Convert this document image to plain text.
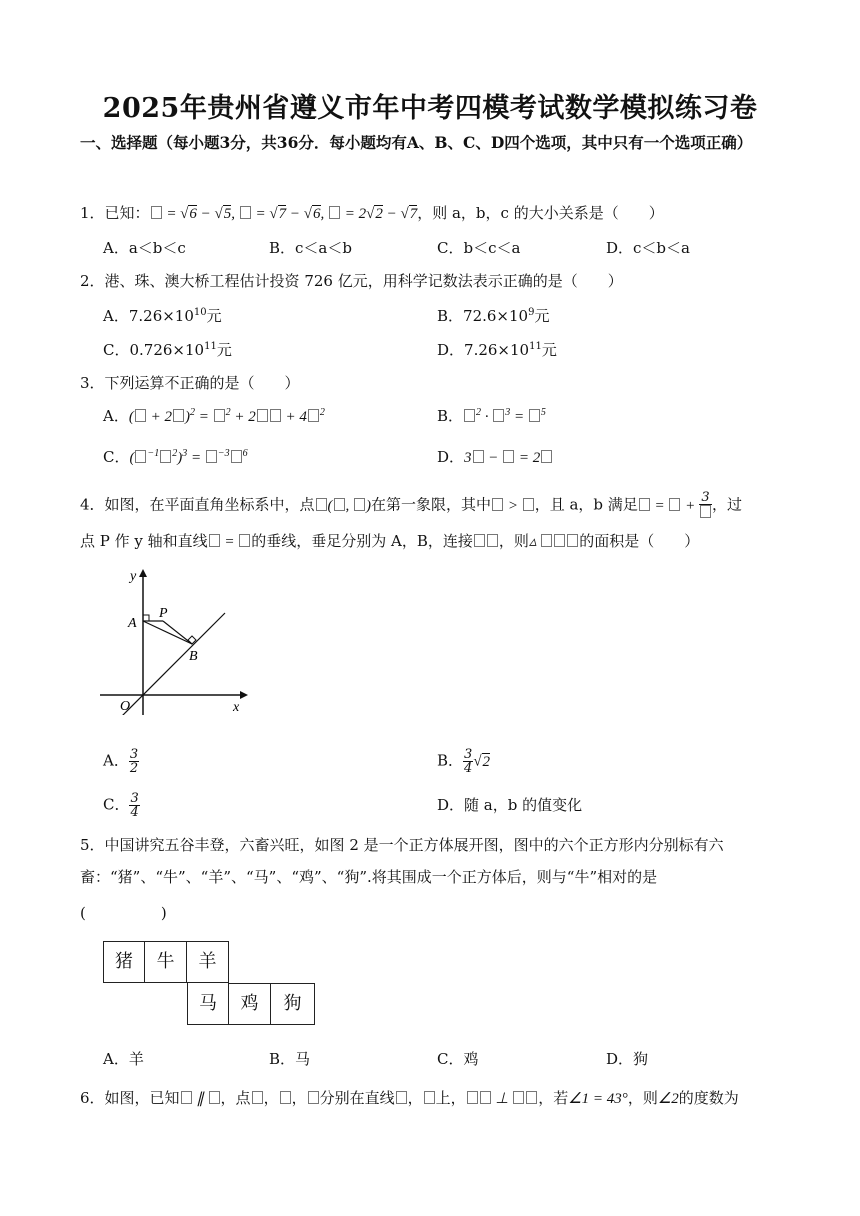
2025年贵州省遵义市年中考四模考试数学模拟练习卷
一、选择题（每小题3分，共36分．每小题均有A、B、C、D四个选项，其中只有一个选项正确）
1．已知： = √6 − √5,  = √7 − √6,  = 2√2 − √7，则 a，b，c 的大小关系是（　　）
A．a＜b＜c	B．c＜a＜b	C．b＜c＜a	D．c＜b＜a
2．港、珠、澳大桥工程估计投资 726 亿元，用科学记数法表示正确的是（　　）
A．$7.26\times 10^{10}$元	B．$72.6\times 10^9$元
C．$0.726\times 10^{11}$元	D．$7.26\times 10^{11}$元
3．下列运算不正确的是（　　）
A．( + 2 )$^2$ = $^2$ + 2 + 4 $^2$	B． $^2$ · $^3$ = $^5$
C．( $^{-1}$ $^2$)$^3$ = $^{-3}$ $^6$	D．3 −  = 2
4．如图，在平面直角坐标系中，点 ( , )在第一象限，其中 > ，且 a，b 满足 =  + 3 ，过
点 P 作 y 轴和直线 = 的垂线，垂足分别为 A，B，连接 ，则▵	的面积是（　　）
y
x
O
A
P
B
A． $\frac{3}{2}$	B． $\frac{3}{4} √2$
C． $\frac{3}{4}$	D．随 a，b 的值变化
5．中国讲究五谷丰登，六畜兴旺，如图 2 是一个正方体展开图，图中的六个正方形内分别标有六
畜：“猪”、“牛”、“羊”、“马”、“鸡”、“狗”.将其围成一个正方体后，则与“牛”相对的是
(　　　　　)
猪	牛	羊
马	鸡	狗
A．羊	B．马	C．鸡	D．狗
6．如图，已知 ∥ ，点 ， ， 分别在直线 ， 上， ⊥ ，若∠1 = 43°，则∠2的度数为
